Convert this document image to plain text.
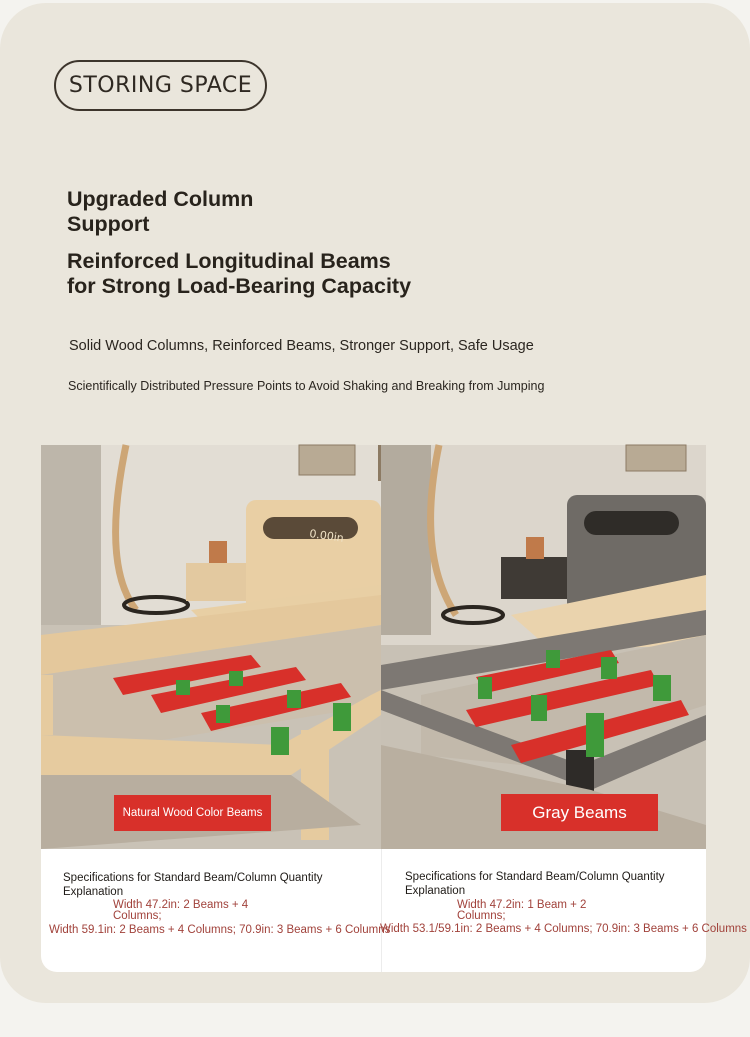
STORING SPACE
Upgraded Column
Support
Reinforced Longitudinal Beams
for Strong Load-Bearing Capacity
Solid Wood Columns, Reinforced Beams, Stronger Support, Safe Usage
Scientifically Distributed Pressure Points to Avoid Shaking and Breaking from Jumping
0.00in
Natural Wood Color Beams	Gray Beams
Specifications for Standard Beam/Column Quantity Explanation
Width 47.2in: 2 Beams + 4 Columns;
Width 59.1in: 2 Beams + 4 Columns; 70.9in: 3 Beams + 6 Columns
Specifications for Standard Beam/Column Quantity Explanation
Width 47.2in: 1 Beam + 2 Columns;
Width 53.1/59.1in: 2 Beams + 4 Columns; 70.9in: 3 Beams + 6 Columns
